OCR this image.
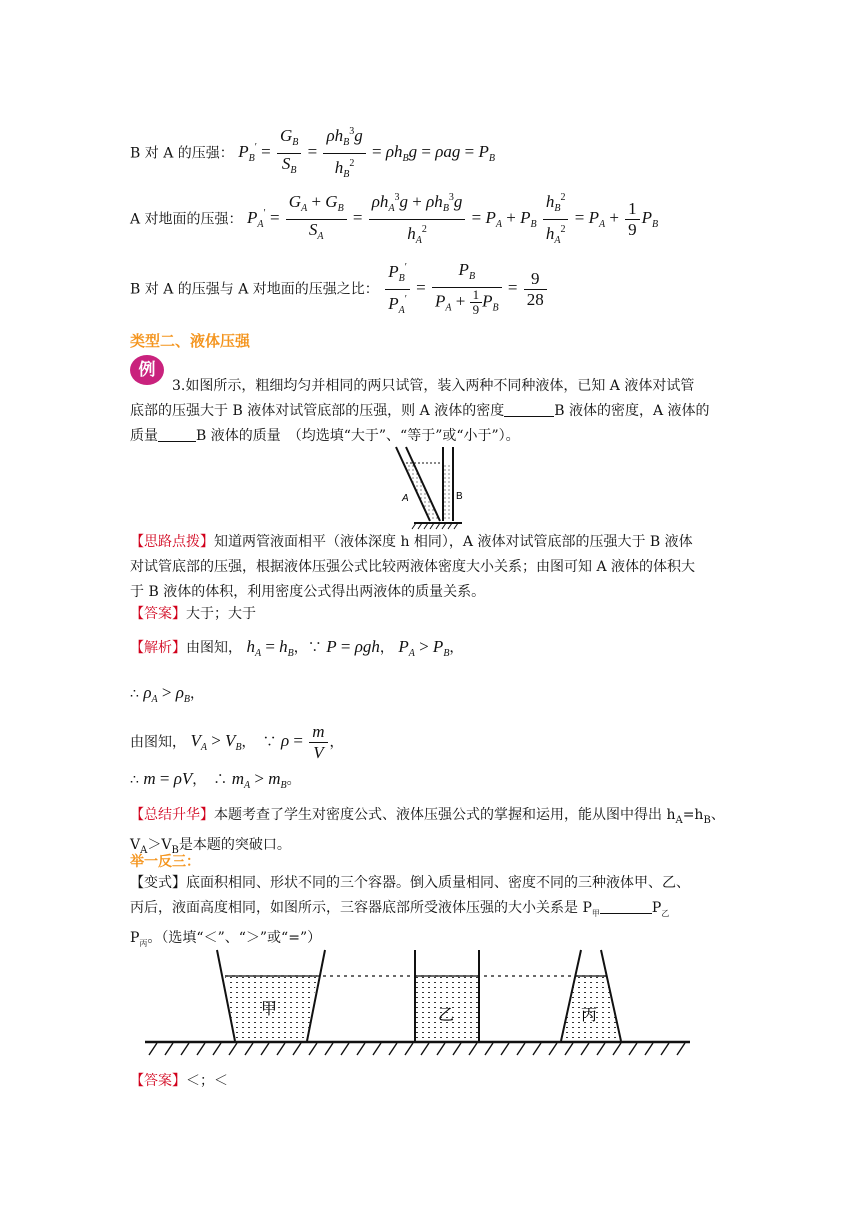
B 对 A 的压强： $P_B' = \frac{G_B}{S_B} = \frac{\rho h_B^3g}{h_B^2} = \rho h_Bg = \rho ag = P_B$
A 对地面的压强： $P_A' = \frac{G_A + G_B}{S_A} = \frac{\rho h_A^3g + \rho h_B^3g}{h_A^2} = P_A + P_B \frac{h_B^2}{h_A^2} = P_A + \frac{1}{9} P_B$
B 对 A 的压强与 A 对地面的压强之比： $\frac{P_B'}{P_A'} = \frac{P_B}{P_A + \frac{1}{9} P_B} = \frac{9}{28}$
类型二、液体压强
例
3.如图所示，粗细均匀并相同的两只试管，装入两种不同种液体，已知 A 液体对试管
底部的压强大于 B 液体对试管底部的压强，则 A 液体的密度	B 液体的密度，A 液体的
质量	B 液体的质量　（均选填“大于”、“等于”或“小于”）。
A	B
【思路点拨】知道两管液面相平（液体深度 h 相同），A 液体对试管底部的压强大于 B 液体
对试管底部的压强，根据液体压强公式比较两液体密度大小关系；由图可知 A 液体的体积大
于 B 液体的体积，利用密度公式得出两液体的质量关系。
【答案】大于；大于
【解析】由图知， $h_A = h_B$，∵ P = ρgh， $P_A > P_B$，
∴ $\rho_A > \rho_B$，
由图知， $V_A > V_B$，　∵ $\rho = \frac{m}{V}$ ，
∴ m = ρV，　∴ $m_A > m_B$。
【总结升华】本题考查了学生对密度公式、液体压强公式的掌握和运用，能从图中得出 $h_A=h_B$、
$V_A>V_B$是本题的突破口。
举一反三：
【变式】底面积相同、形状不同的三个容器。倒入质量相同、密度不同的三种液体甲、乙、
丙后，液面高度相同，如图所示，三容器底部所受液体压强的大小关系是 $P_甲$	$P_乙$
$P_丙$。（选填“＜”、“＞”或“=”）
甲	乙	丙
【答案】＜；＜
